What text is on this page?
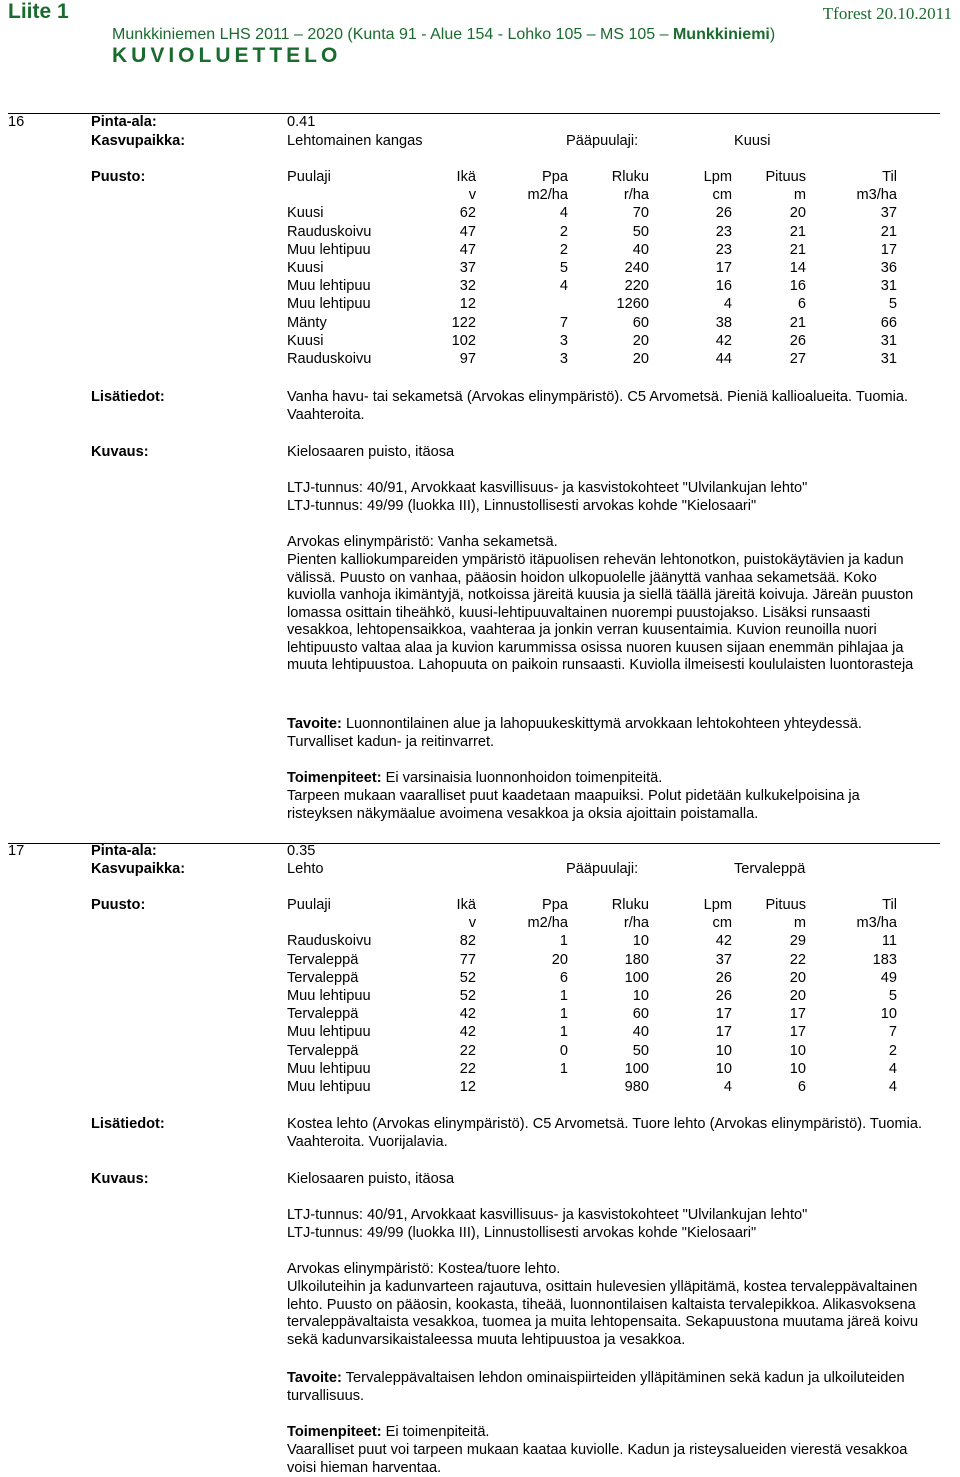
Liite 1	Tforest 20.10.2011
Munkkiniemen LHS 2011 – 2020 (Kunta 91 - Alue 154 - Lohko 105 – MS 105 – Munkkiniemi)
KUVIOLUETTELO
16	Pinta-ala:	0.41
Kasvupaikka:	Lehtomainen kangas	Pääpuulaji:	Kuusi
Puusto:	Puulaji	Ikä	Ppa	Rluku	Lpm	Pituus	Til
	v	m2/ha	r/ha	cm	m	m3/ha
Kuusi	62	4	70	26	20	37
Rauduskoivu	47	2	50	23	21	21
Muu lehtipuu	47	2	40	23	21	17
Kuusi	37	5	240	17	14	36
Muu lehtipuu	32	4	220	16	16	31
Muu lehtipuu	12		1260	4	6	5
Mänty	122	7	60	38	21	66
Kuusi	102	3	20	42	26	31
Rauduskoivu	97	3	20	44	27	31
Lisätiedot:	Vanha havu- tai sekametsä (Arvokas elinympäristö). C5 Arvometsä. Pieniä kallioalueita. Tuomia. Vaahteroita.
Kuvaus:	Kielosaaren puisto, itäosa
LTJ-tunnus: 40/91, Arvokkaat kasvillisuus- ja kasvistokohteet "Ulvilankujan lehto"
LTJ-tunnus: 49/99 (luokka III), Linnustollisesti arvokas kohde "Kielosaari"
Arvokas elinympäristö: Vanha sekametsä.
Pienten kalliokumpareiden ympäristö itäpuolisen rehevän lehtonotkon, puistokäytävien ja kadun välissä. Puusto on vanhaa, pääosin hoidon ulkopuolelle jäänyttä vanhaa sekametsää. Koko kuviolla vanhoja ikimäntyjä, notkoissa järeitä kuusia ja siellä täällä järeitä koivuja. Järeän puuston lomassa osittain tiheähkö, kuusi-lehtipuuvaltainen nuorempi puustojakso. Lisäksi runsaasti vesakkoa, lehtopensaikkoa, vaahteraa ja jonkin verran kuusentaimia. Kuvion reunoilla nuori lehtipuusto valtaa alaa ja kuvion karummissa osissa nuoren kuusen sijaan enemmän pihlajaa ja muuta lehtipuustoa. Lahopuuta on paikoin runsaasti. Kuviolla ilmeisesti koululaisten luontorasteja
Tavoite: Luonnontilainen alue ja lahopuukeskittymä arvokkaan lehtokohteen yhteydessä. Turvalliset kadun- ja reitinvarret.
Toimenpiteet: Ei varsinaisia luonnonhoidon toimenpiteitä.
Tarpeen mukaan vaaralliset puut kaadetaan maapuiksi. Polut pidetään kulkukelpoisina ja risteyksen näkymäalue avoimena vesakkoa ja oksia ajoittain poistamalla.
17	Pinta-ala:	0.35
Kasvupaikka:	Lehto	Pääpuulaji:	Tervaleppä
Puusto:	Puulaji	Ikä	Ppa	Rluku	Lpm	Pituus	Til
	v	m2/ha	r/ha	cm	m	m3/ha
Rauduskoivu	82	1	10	42	29	11
Tervaleppä	77	20	180	37	22	183
Tervaleppä	52	6	100	26	20	49
Muu lehtipuu	52	1	10	26	20	5
Tervaleppä	42	1	60	17	17	10
Muu lehtipuu	42	1	40	17	17	7
Tervaleppä	22	0	50	10	10	2
Muu lehtipuu	22	1	100	10	10	4
Muu lehtipuu	12		980	4	6	4
Lisätiedot:	Kostea lehto (Arvokas elinympäristö). C5 Arvometsä. Tuore lehto (Arvokas elinympäristö). Tuomia. Vaahteroita. Vuorijalavia.
Kuvaus:	Kielosaaren puisto, itäosa
LTJ-tunnus: 40/91, Arvokkaat kasvillisuus- ja kasvistokohteet "Ulvilankujan lehto"
LTJ-tunnus: 49/99 (luokka III), Linnustollisesti arvokas kohde "Kielosaari"
Arvokas elinympäristö: Kostea/tuore lehto.
Ulkoiluteihin ja kadunvarteen rajautuva, osittain hulevesien ylläpitämä, kostea tervaleppävaltainen lehto. Puusto on pääosin, kookasta, tiheää, luonnontilaisen kaltaista tervalepikkoa. Alikasvoksena tervaleppävaltaista vesakkoa, tuomea ja muita lehtopensaita. Sekapuustona muutama järeä koivu sekä kadunvarsikaistaleessa muuta lehtipuustoa ja vesakkoa.
Tavoite: Tervaleppävaltaisen lehdon ominaispiirteiden ylläpitäminen sekä kadun ja ulkoiluteiden turvallisuus.
Toimenpiteet: Ei toimenpiteitä.
Vaaralliset puut voi tarpeen mukaan kaataa kuviolle. Kadun ja risteysalueiden vierestä vesakkoa voisi hieman harventaa.
